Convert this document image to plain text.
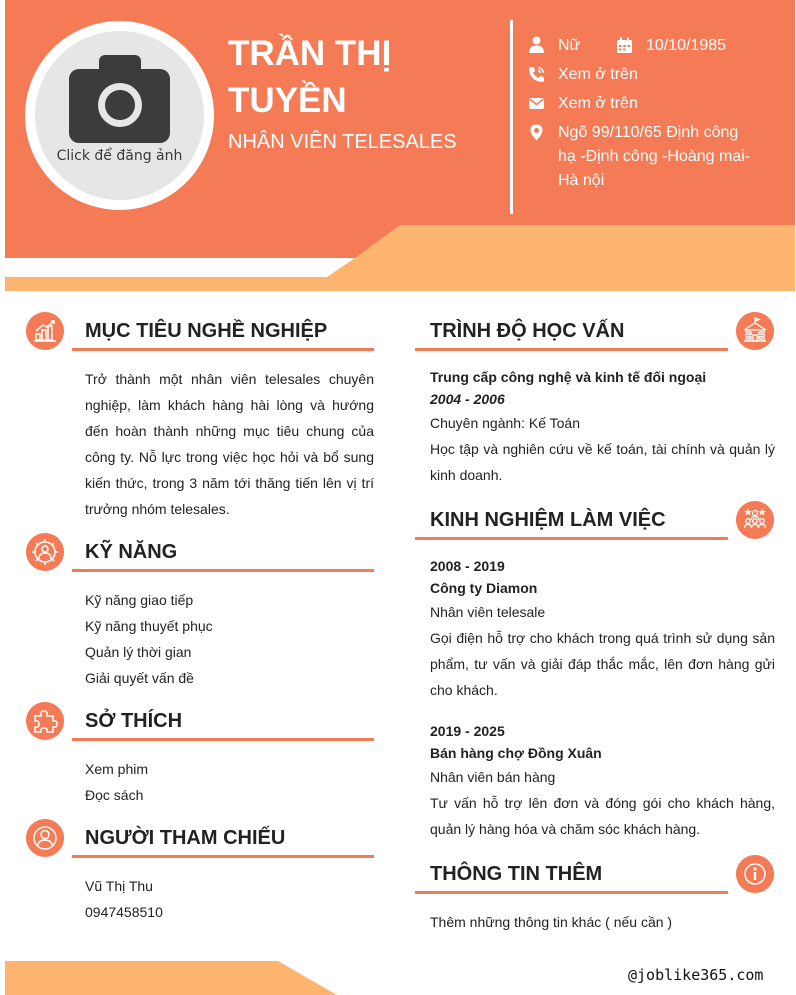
Click để đăng ảnh
TRẦN THỊ
TUYỀN
NHÂN VIÊN TELESALES
Nữ	10/10/1985
Xem ở trên
Xem ở trên
Ngõ 99/110/65 Định công
hạ -Định công -Hoàng mai-
Hà nội
MỤC TIÊU NGHỀ NGHIỆP
Trở thành một nhân viên telesales chuyên nghiệp, làm khách hàng hài lòng và hướng đến hoàn thành những mục tiêu chung của công ty. Nỗ lực trong việc học hỏi và bổ sung kiến thức, trong 3 năm tới thăng tiến lên vị trí trưởng nhóm telesales.
KỸ NĂNG
Kỹ năng giao tiếp
Kỹ năng thuyết phục
Quản lý thời gian
Giải quyết vấn đề
SỞ THÍCH
Xem phim
Đọc sách
NGƯỜI THAM CHIẾU
Vũ Thị Thu
0947458510
TRÌNH ĐỘ HỌC VẤN
Trung cấp công nghệ và kinh tế đối ngoại
2004 - 2006
Chuyên ngành: Kế Toán
Học tập và nghiên cứu về kế toán, tài chính và quản lý kinh doanh.
KINH NGHIỆM LÀM VIỆC
2008 - 2019
Công ty Diamon
Nhân viên telesale
Gọi điện hỗ trợ cho khách trong quá trình sử dụng sản phẩm, tư vấn và giải đáp thắc mắc, lên đơn hàng gửi cho khách.
2019 - 2025
Bán hàng chợ Đồng Xuân
Nhân viên bán hàng
Tư vấn hỗ trợ lên đơn và đóng gói cho khách hàng, quản lý hàng hóa và chăm sóc khách hàng.
THÔNG TIN THÊM
Thêm những thông tin khác ( nếu cần )
@joblike365.com
